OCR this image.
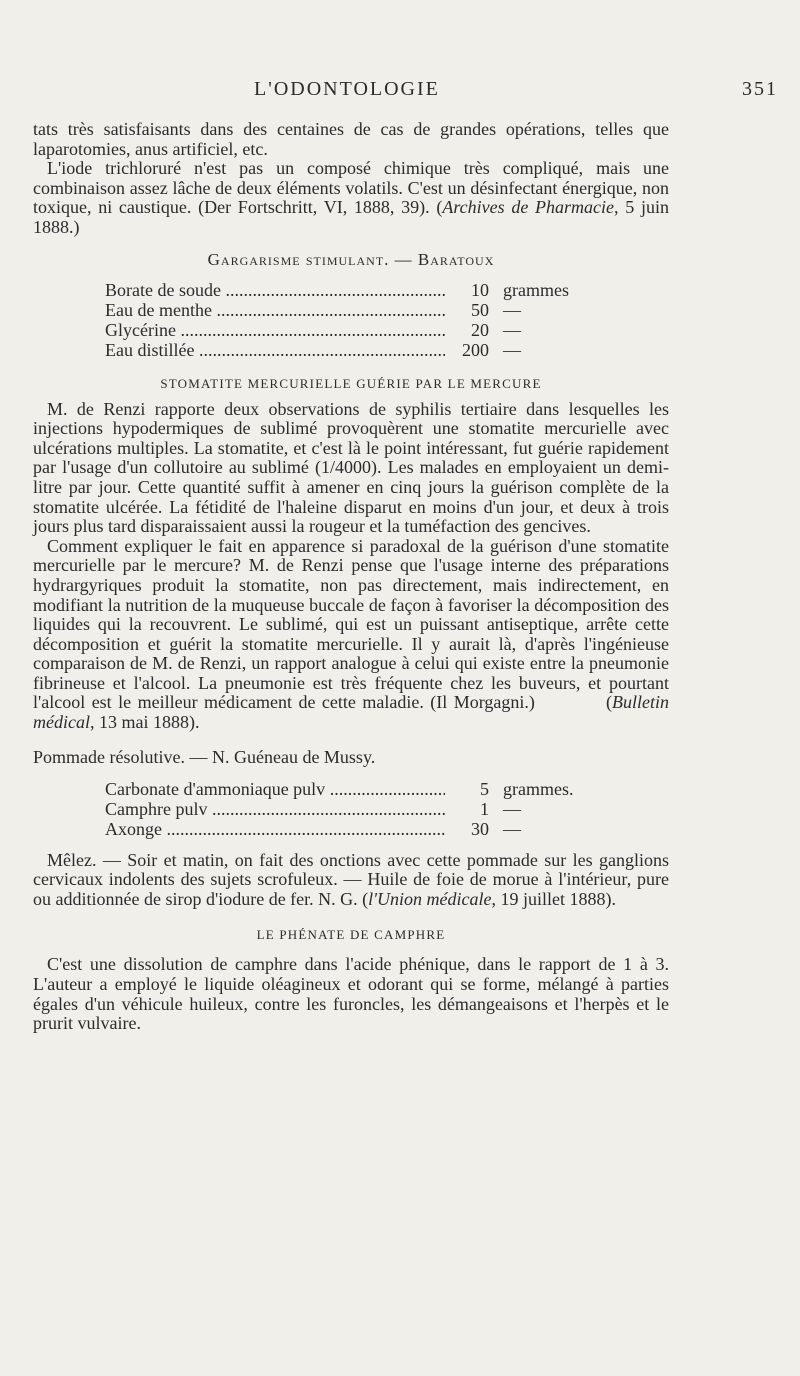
L'ODONTOLOGIE	351

tats très satisfaisants dans des centaines de cas de grandes opérations, telles que laparotomies, anus artificiel, etc.

L'iode trichloruré n'est pas un composé chimique très compliqué, mais une combinaison assez lâche de deux éléments volatils. C'est un désinfectant énergique, non toxique, ni caustique. (Der Fortschritt, VI, 1888, 39). (Archives de Pharmacie, 5 juin 1888.)

Gargarisme stimulant. — Baratoux
Borate de soude .....	10 grammes
Eau de menthe .....	50 —
Glycérine .....	20 —
Eau distillée .....	200 —
STOMATITE MERCURIELLE GUÉRIE PAR LE MERCURE

M. de Renzi rapporte deux observations de syphilis tertiaire dans lesquelles les injections hypodermiques de sublimé provoquèrent une stomatite mercurielle avec ulcérations multiples. La stomatite, et c'est là le point intéressant, fut guérie rapidement par l'usage d'un collutoire au sublimé (1/4000). Les malades en employaient un demi-litre par jour. Cette quantité suffit à amener en cinq jours la guérison complète de la stomatite ulcérée. La fétidité de l'haleine disparut en moins d'un jour, et deux à trois jours plus tard disparaissaient aussi la rougeur et la tuméfaction des gencives.

Comment expliquer le fait en apparence si paradoxal de la guérison d'une stomatite mercurielle par le mercure? M. de Renzi pense que l'usage interne des préparations hydrargyriques produit la stomatite, non pas directement, mais indirectement, en modifiant la nutrition de la muqueuse buccale de façon à favoriser la décomposition des liquides qui la recouvrent. Le sublimé, qui est un puissant antiseptique, arrête cette décomposition et guérit la stomatite mercurielle. Il y aurait là, d'après l'ingénieuse comparaison de M. de Renzi, un rapport analogue à celui qui existe entre la pneumonie fibrineuse et l'alcool. La pneumonie est très fréquente chez les buveurs, et pourtant l'alcool est le meilleur médicament de cette maladie. (Il Morgagni.)           (Bulletin médical, 13 mai 1888).

Pommade résolutive. — N. Guéneau de Mussy.
Carbonate d'ammoniaque pulv .....	5 grammes.
Camphre pulv .....	1 —
Axonge .....	30 —

Mêlez. — Soir et matin, on fait des onctions avec cette pommade sur les ganglions cervicaux indolents des sujets scrofuleux. — Huile de foie de morue à l'intérieur, pure ou additionnée de sirop d'iodure de fer. N. G. (l'Union médicale, 19 juillet 1888).

LE PHÉNATE DE CAMPHRE

C'est une dissolution de camphre dans l'acide phénique, dans le rapport de 1 à 3. L'auteur a employé le liquide oléagineux et odorant qui se forme, mélangé à parties égales d'un véhicule huileux, contre les furoncles, les démangeaisons et l'herpès et le prurit vulvaire.
